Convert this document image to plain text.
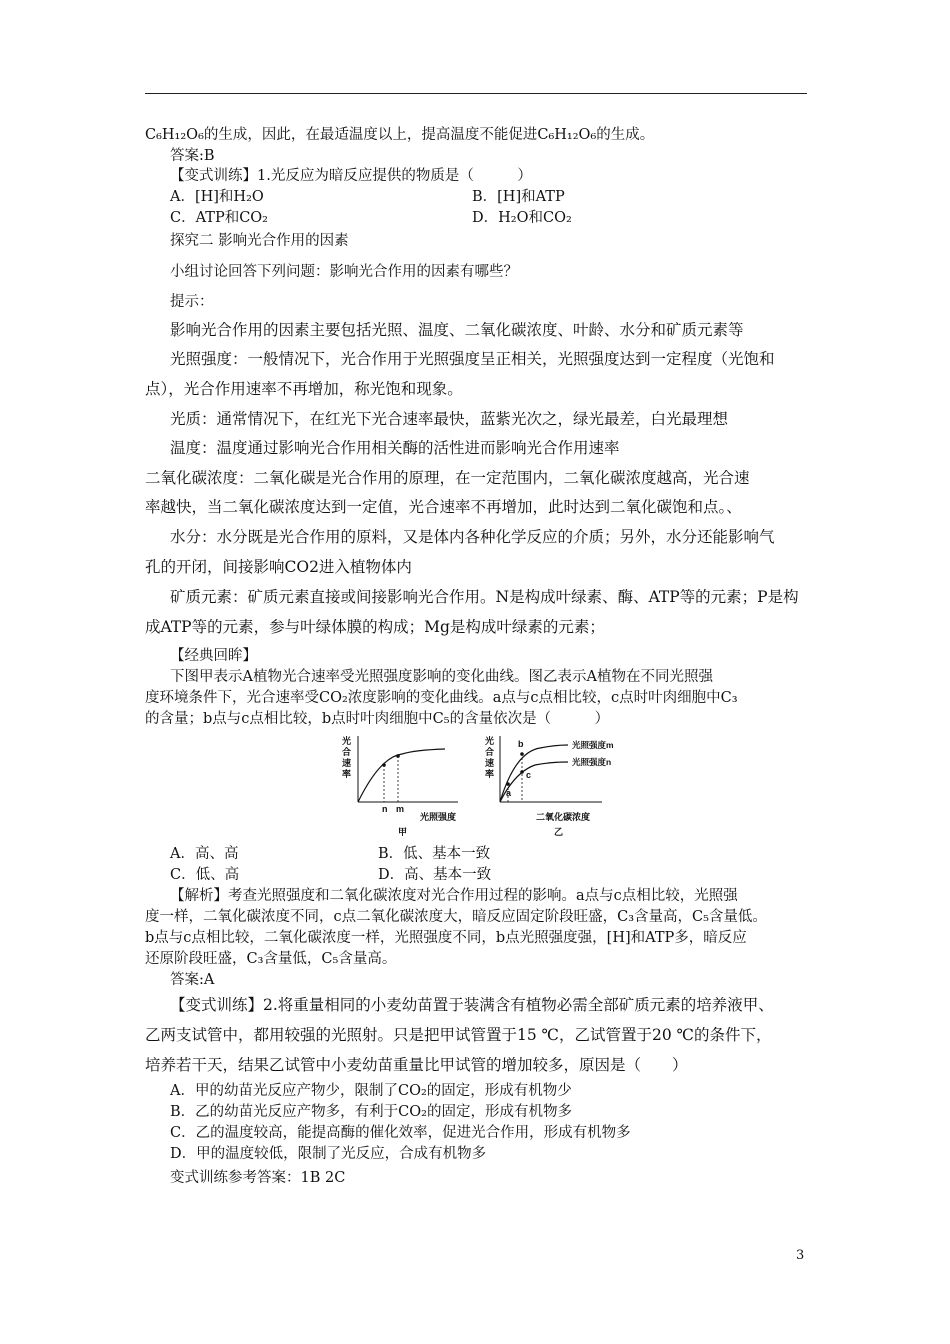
C₆H₁₂O₆的生成，因此，在最适温度以上，提高温度不能促进C₆H₁₂O₆的生成。
答案:B
【变式训练】1.光反应为暗反应提供的物质是（　　　）
A．[H]和H₂O	B．[H]和ATP
C．ATP和CO₂	D．H₂O和CO₂
探究二 影响光合作用的因素
小组讨论回答下列问题：影响光合作用的因素有哪些？
提示：
影响光合作用的因素主要包括光照、温度、二氧化碳浓度、叶龄、水分和矿质元素等
光照强度：一般情况下，光合作用于光照强度呈正相关，光照强度达到一定程度（光饱和
点），光合作用速率不再增加，称光饱和现象。
光质：通常情况下，在红光下光合速率最快，蓝紫光次之，绿光最差，白光最理想
温度：温度通过影响光合作用相关酶的活性进而影响光合作用速率
二氧化碳浓度：二氧化碳是光合作用的原理，在一定范围内，二氧化碳浓度越高，光合速
率越快，当二氧化碳浓度达到一定值，光合速率不再增加，此时达到二氧化碳饱和点。、
水分：水分既是光合作用的原料，又是体内各种化学反应的介质；另外，水分还能影响气
孔的开闭，间接影响CO2进入植物体内
矿质元素：矿质元素直接或间接影响光合作用。N是构成叶绿素、酶、ATP等的元素；P是构
成ATP等的元素，参与叶绿体膜的构成；Mg是构成叶绿素的元素；
【经典回眸】
下图甲表示A植物光合速率受光照强度影响的变化曲线。图乙表示A植物在不同光照强
度环境条件下，光合速率受CO₂浓度影响的变化曲线。a点与c点相比较，c点时叶肉细胞中C₃
的含量；b点与c点相比较，b点时叶肉细胞中C₅的含量依次是（　　　）
光
合
速
率
n m
光照强度
甲
光
合
速
率
a
b
c
光照强度m
光照强度n
二氧化碳浓度
乙
A．高、高	B．低、基本一致
C．低、高	D．高、基本一致
【解析】考查光照强度和二氧化碳浓度对光合作用过程的影响。a点与c点相比较，光照强
度一样，二氧化碳浓度不同，c点二氧化碳浓度大，暗反应固定阶段旺盛，C₃含量高，C₅含量低。
b点与c点相比较，二氧化碳浓度一样，光照强度不同，b点光照强度强，[H]和ATP多，暗反应
还原阶段旺盛，C₃含量低，C₅含量高。
答案:A
【变式训练】2.将重量相同的小麦幼苗置于装满含有植物必需全部矿质元素的培养液甲、
乙两支试管中，都用较强的光照射。只是把甲试管置于15 ℃，乙试管置于20 ℃的条件下，
培养若干天，结果乙试管中小麦幼苗重量比甲试管的增加较多，原因是（　　）
A．甲的幼苗光反应产物少，限制了CO₂的固定，形成有机物少
B．乙的幼苗光反应产物多，有利于CO₂的固定，形成有机物多
C．乙的温度较高，能提高酶的催化效率，促进光合作用，形成有机物多
D．甲的温度较低，限制了光反应，合成有机物多
变式训练参考答案：1B 2C
3
